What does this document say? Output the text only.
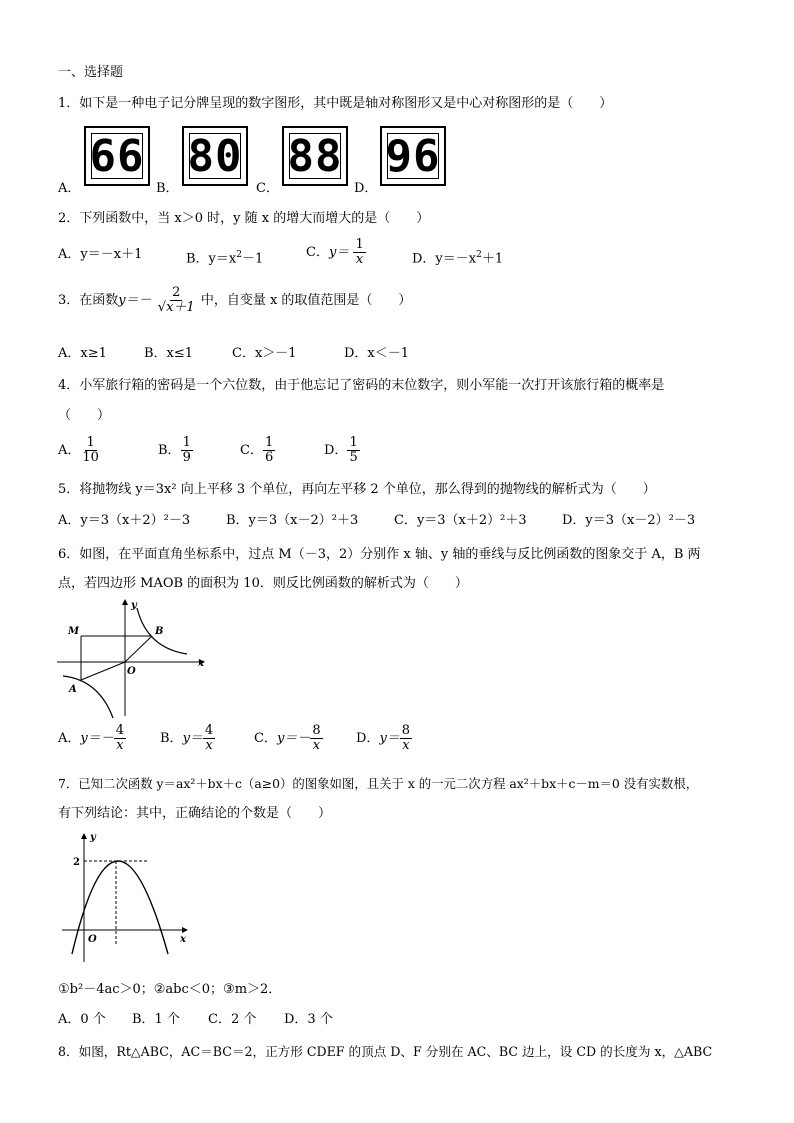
一、选择题
1．如下是一种电子记分牌呈现的数字图形，其中既是轴对称图形又是中心对称图形的是（　　）
A．
66
B．
80
C．
88
D．
96
2．下列函数中，当 x＞0 时，y 随 x 的增大而增大的是（　　）
A．y＝－x＋1	B．$y=x^2-1$	C．$y= \frac{1}{x}$	D．$y=-x^2+1$
3．在函数$y=- \frac{2}{√x+1}$ 中，自变量 x 的取值范围是（　　）
A．x≥1	B．x≤1	C．x＞－1	D．x＜－1
4．小军旅行箱的密码是一个六位数，由于他忘记了密码的末位数字，则小军能一次打开该旅行箱的概率是
（　　）
A． $\frac{1}{10}$	B． $\frac{1}{9}$	C． $\frac{1}{6}$	D． $\frac{1}{5}$
5．将抛物线 y＝3x² 向上平移 3 个单位，再向左平移 2 个单位，那么得到的抛物线的解析式为（　　）
A．y＝3（x＋2）²－3	B．y＝3（x－2）²＋3	C．y＝3（x＋2）²＋3	D．y＝3（x－2）²－3
6．如图，在平面直角坐标系中，过点 M（－3，2）分别作 x 轴、y 轴的垂线与反比例函数的图象交于 A，B 两
点，若四边形 MAOB 的面积为 10．则反比例函数的解析式为（　　）
y
x
O
M
A
B
A．$y=- \frac{4}{x}$	B．$y= \frac{4}{x}$	C．$y=- \frac{8}{x}$	D．$y= \frac{8}{x}$
7．已知二次函数 y＝ax²＋bx＋c（a≥0）的图象如图，且关于 x 的一元二次方程 ax²＋bx＋c－m＝0 没有实数根，
有下列结论：其中，正确结论的个数是（　　）
y
x
O
2
①b²－4ac＞0；②abc＜0；③m＞2．
A．0 个 B．1 个 C．2 个 D．3 个
8．如图，Rt△ABC，AC＝BC＝2，正方形 CDEF 的顶点 D、F 分别在 AC、BC 边上，设 CD 的长度为 x，△ABC
